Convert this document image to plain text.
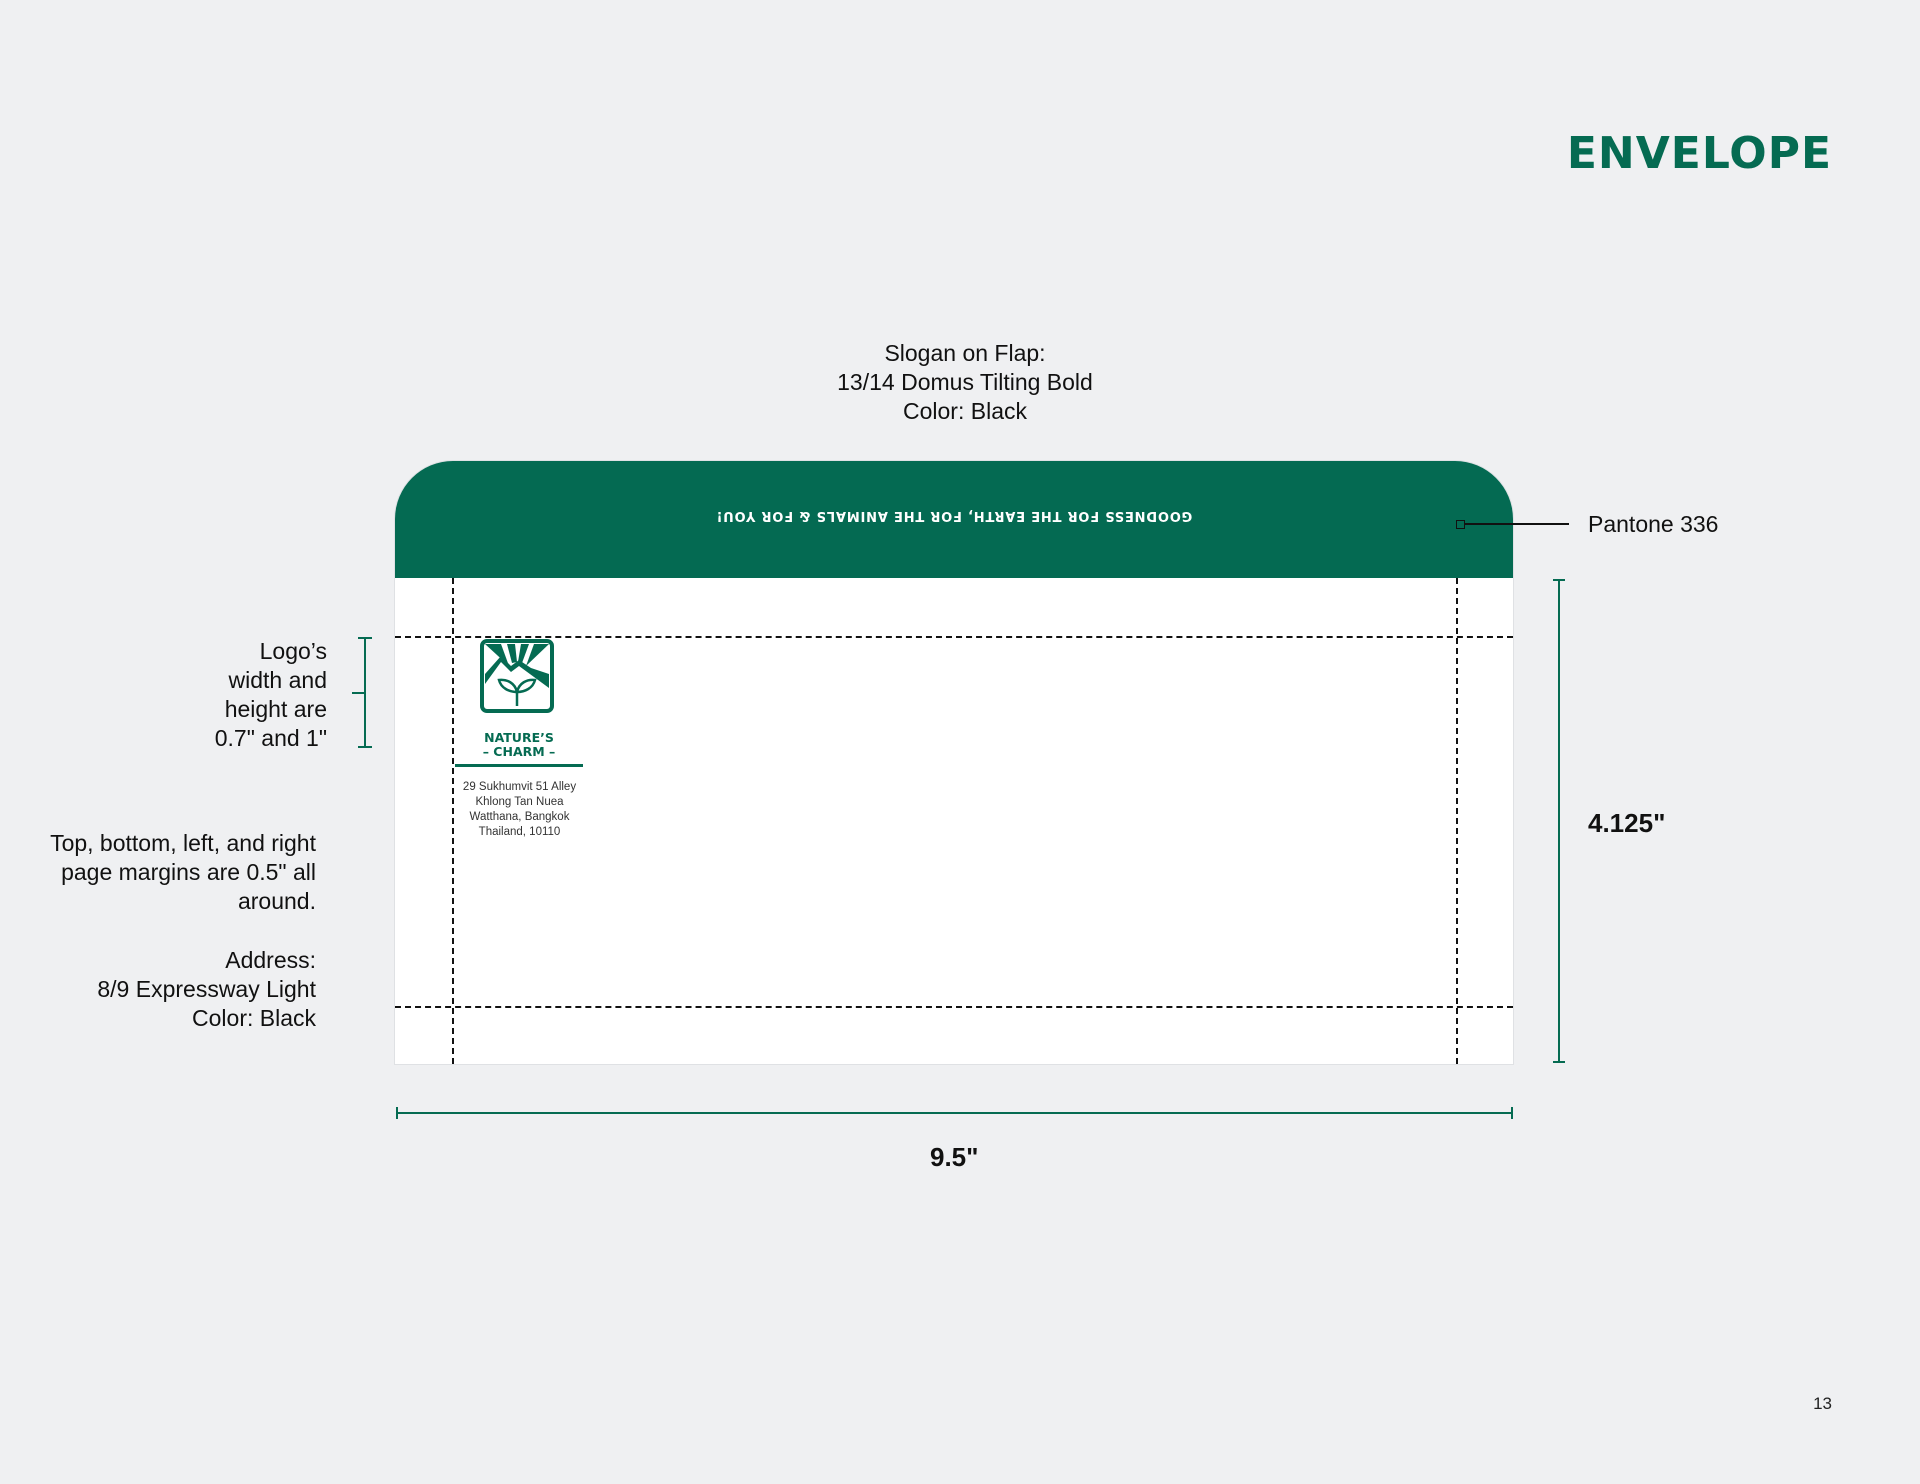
ENVELOPE
13
Slogan on Flap:
13/14 Domus Tilting Bold
Color: Black
GOODNESS FOR THE EARTH, FOR THE ANIMALS & FOR YOU!	Pantone 336
NATURE’S
– CHARM –
29 Sukhumvit 51 Alley
Khlong Tan Nuea
Watthana, Bangkok
Thailand, 10110
Logo’s
width and
height are
0.7" and 1"
Top, bottom, left, and right
page margins are 0.5" all
around.
Address:
8/9 Expressway Light
Color: Black
4.125"
9.5"
